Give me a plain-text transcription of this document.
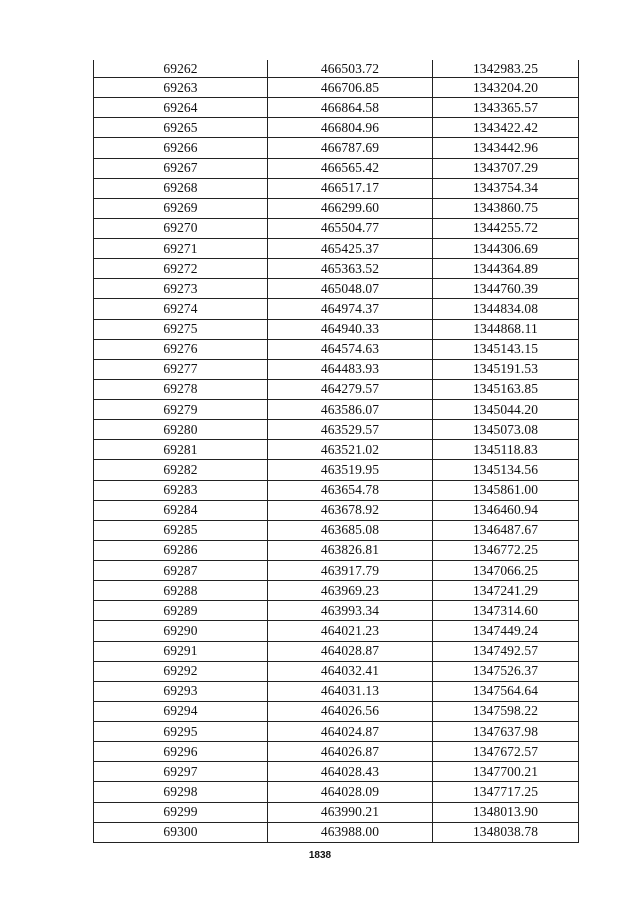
69262	466503.72	1342983.25
69263	466706.85	1343204.20
69264	466864.58	1343365.57
69265	466804.96	1343422.42
69266	466787.69	1343442.96
69267	466565.42	1343707.29
69268	466517.17	1343754.34
69269	466299.60	1343860.75
69270	465504.77	1344255.72
69271	465425.37	1344306.69
69272	465363.52	1344364.89
69273	465048.07	1344760.39
69274	464974.37	1344834.08
69275	464940.33	1344868.11
69276	464574.63	1345143.15
69277	464483.93	1345191.53
69278	464279.57	1345163.85
69279	463586.07	1345044.20
69280	463529.57	1345073.08
69281	463521.02	1345118.83
69282	463519.95	1345134.56
69283	463654.78	1345861.00
69284	463678.92	1346460.94
69285	463685.08	1346487.67
69286	463826.81	1346772.25
69287	463917.79	1347066.25
69288	463969.23	1347241.29
69289	463993.34	1347314.60
69290	464021.23	1347449.24
69291	464028.87	1347492.57
69292	464032.41	1347526.37
69293	464031.13	1347564.64
69294	464026.56	1347598.22
69295	464024.87	1347637.98
69296	464026.87	1347672.57
69297	464028.43	1347700.21
69298	464028.09	1347717.25
69299	463990.21	1348013.90
69300	463988.00	1348038.78
1838
